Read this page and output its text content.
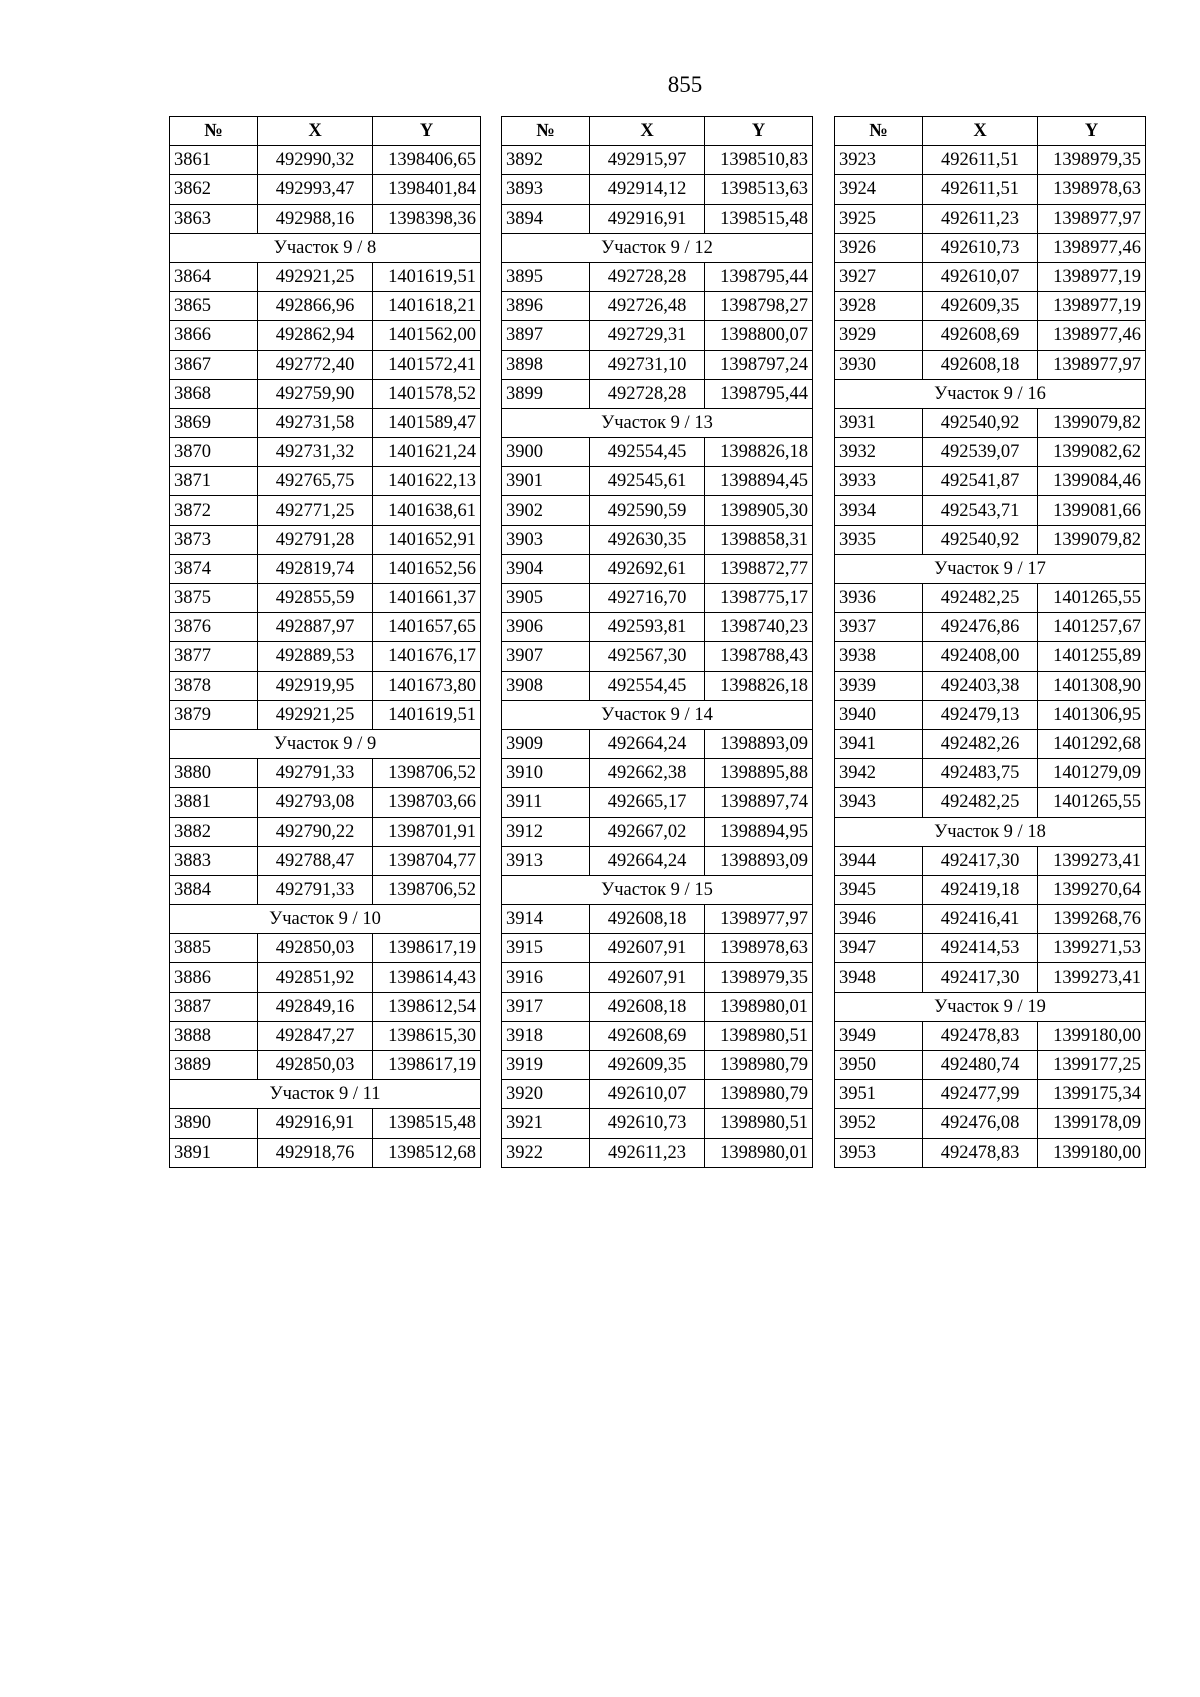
855
№	X	Y
3861	492990,32	1398406,65
3862	492993,47	1398401,84
3863	492988,16	1398398,36
Участок 9 / 8		
3864	492921,25	1401619,51
3865	492866,96	1401618,21
3866	492862,94	1401562,00
3867	492772,40	1401572,41
3868	492759,90	1401578,52
3869	492731,58	1401589,47
3870	492731,32	1401621,24
3871	492765,75	1401622,13
3872	492771,25	1401638,61
3873	492791,28	1401652,91
3874	492819,74	1401652,56
3875	492855,59	1401661,37
3876	492887,97	1401657,65
3877	492889,53	1401676,17
3878	492919,95	1401673,80
3879	492921,25	1401619,51
Участок 9 / 9		
3880	492791,33	1398706,52
3881	492793,08	1398703,66
3882	492790,22	1398701,91
3883	492788,47	1398704,77
3884	492791,33	1398706,52
Участок 9 / 10		
3885	492850,03	1398617,19
3886	492851,92	1398614,43
3887	492849,16	1398612,54
3888	492847,27	1398615,30
3889	492850,03	1398617,19
Участок 9 / 11		
3890	492916,91	1398515,48
3891	492918,76	1398512,68
№	X	Y
3892	492915,97	1398510,83
3893	492914,12	1398513,63
3894	492916,91	1398515,48
Участок 9 / 12		
3895	492728,28	1398795,44
3896	492726,48	1398798,27
3897	492729,31	1398800,07
3898	492731,10	1398797,24
3899	492728,28	1398795,44
Участок 9 / 13		
3900	492554,45	1398826,18
3901	492545,61	1398894,45
3902	492590,59	1398905,30
3903	492630,35	1398858,31
3904	492692,61	1398872,77
3905	492716,70	1398775,17
3906	492593,81	1398740,23
3907	492567,30	1398788,43
3908	492554,45	1398826,18
Участок 9 / 14		
3909	492664,24	1398893,09
3910	492662,38	1398895,88
3911	492665,17	1398897,74
3912	492667,02	1398894,95
3913	492664,24	1398893,09
Участок 9 / 15		
3914	492608,18	1398977,97
3915	492607,91	1398978,63
3916	492607,91	1398979,35
3917	492608,18	1398980,01
3918	492608,69	1398980,51
3919	492609,35	1398980,79
3920	492610,07	1398980,79
3921	492610,73	1398980,51
3922	492611,23	1398980,01
№	X	Y
3923	492611,51	1398979,35
3924	492611,51	1398978,63
3925	492611,23	1398977,97
3926	492610,73	1398977,46
3927	492610,07	1398977,19
3928	492609,35	1398977,19
3929	492608,69	1398977,46
3930	492608,18	1398977,97
Участок 9 / 16		
3931	492540,92	1399079,82
3932	492539,07	1399082,62
3933	492541,87	1399084,46
3934	492543,71	1399081,66
3935	492540,92	1399079,82
Участок 9 / 17		
3936	492482,25	1401265,55
3937	492476,86	1401257,67
3938	492408,00	1401255,89
3939	492403,38	1401308,90
3940	492479,13	1401306,95
3941	492482,26	1401292,68
3942	492483,75	1401279,09
3943	492482,25	1401265,55
Участок 9 / 18		
3944	492417,30	1399273,41
3945	492419,18	1399270,64
3946	492416,41	1399268,76
3947	492414,53	1399271,53
3948	492417,30	1399273,41
Участок 9 / 19		
3949	492478,83	1399180,00
3950	492480,74	1399177,25
3951	492477,99	1399175,34
3952	492476,08	1399178,09
3953	492478,83	1399180,00
